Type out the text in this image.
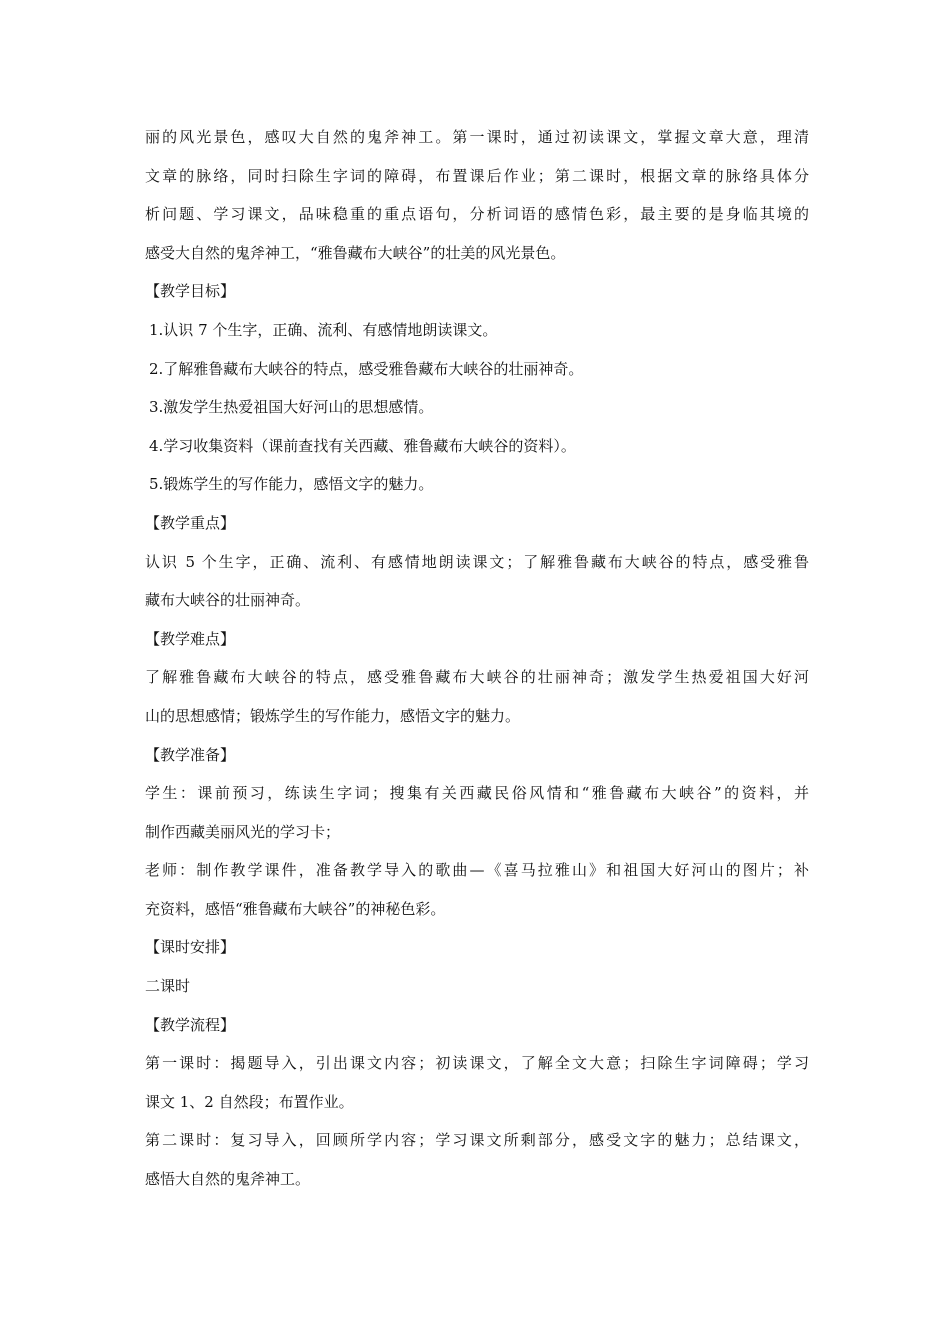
丽的风光景色，感叹大自然的鬼斧神工。第一课时，通过初读课文，掌握文章大意，理清
文章的脉络，同时扫除生字词的障碍，布置课后作业；第二课时，根据文章的脉络具体分
析问题、学习课文，品味稳重的重点语句，分析词语的感情色彩，最主要的是身临其境的
感受大自然的鬼斧神工，“雅鲁藏布大峡谷”的壮美的风光景色。
【教学目标】
1.认识 7 个生字，正确、流利、有感情地朗读课文。
2.了解雅鲁藏布大峡谷的特点，感受雅鲁藏布大峡谷的壮丽神奇。
3.激发学生热爱祖国大好河山的思想感情。
4.学习收集资料（课前查找有关西藏、雅鲁藏布大峡谷的资料）。
5.锻炼学生的写作能力，感悟文字的魅力。
【教学重点】
认识 5 个生字，正确、流利、有感情地朗读课文；了解雅鲁藏布大峡谷的特点，感受雅鲁
藏布大峡谷的壮丽神奇。
【教学难点】
了解雅鲁藏布大峡谷的特点，感受雅鲁藏布大峡谷的壮丽神奇；激发学生热爱祖国大好河
山的思想感情；锻炼学生的写作能力，感悟文字的魅力。
【教学准备】
学生：课前预习，练读生字词；搜集有关西藏民俗风情和“雅鲁藏布大峡谷”的资料，并
制作西藏美丽风光的学习卡；
老师：制作教学课件，准备教学导入的歌曲—《喜马拉雅山》和祖国大好河山的图片；补
充资料，感悟“雅鲁藏布大峡谷”的神秘色彩。
【课时安排】
二课时
【教学流程】
第一课时：揭题导入，引出课文内容；初读课文，了解全文大意；扫除生字词障碍；学习
课文 1、2 自然段；布置作业。
第二课时：复习导入，回顾所学内容；学习课文所剩部分，感受文字的魅力；总结课文，
感悟大自然的鬼斧神工。
